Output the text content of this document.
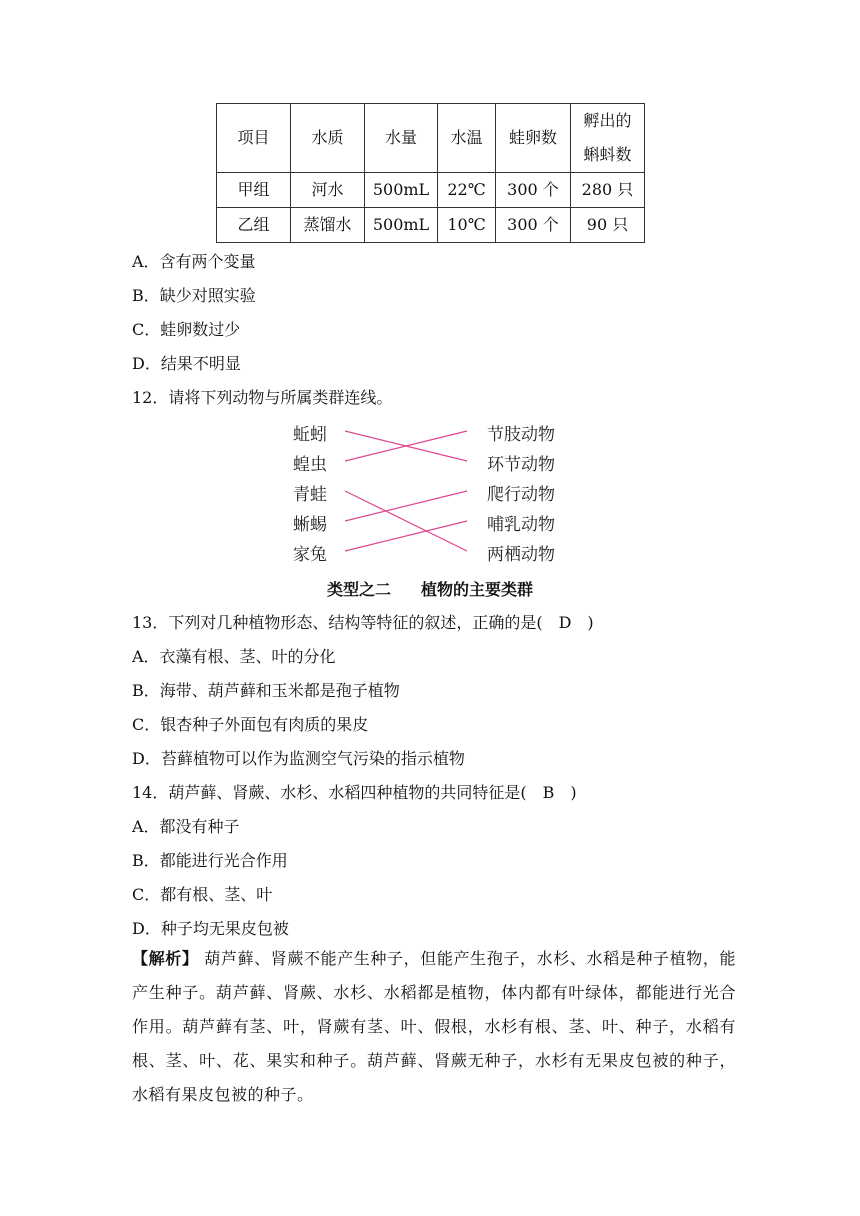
项目	水质	水量	水温	蛙卵数	孵出的
蝌蚪数
甲组	河水	500mL	22℃	300 个	280 只
乙组	蒸馏水	500mL	10℃	300 个	90 只
A．含有两个变量
B．缺少对照实验
C．蛙卵数过少
D．结果不明显
12．请将下列动物与所属类群连线。
蚯蚓
蝗虫
青蛙
蜥蜴
家兔
节肢动物
环节动物
爬行动物
哺乳动物
两栖动物
类型之二 植物的主要类群
13．下列对几种植物形态、结构等特征的叙述，正确的是(　D　)
A．衣藻有根、茎、叶的分化
B．海带、葫芦藓和玉米都是孢子植物
C．银杏种子外面包有肉质的果皮
D．苔藓植物可以作为监测空气污染的指示植物
14．葫芦藓、肾蕨、水杉、水稻四种植物的共同特征是(　B　)
A．都没有种子
B．都能进行光合作用
C．都有根、茎、叶
D．种子均无果皮包被
【解析】 葫芦藓、肾蕨不能产生种子，但能产生孢子，水杉、水稻是种子植物，能产生种子。葫芦藓、肾蕨、水杉、水稻都是植物，体内都有叶绿体，都能进行光合作用。葫芦藓有茎、叶，肾蕨有茎、叶、假根，水杉有根、茎、叶、种子，水稻有根、茎、叶、花、果实和种子。葫芦藓、肾蕨无种子，水杉有无果皮包被的种子，水稻有果皮包被的种子。
